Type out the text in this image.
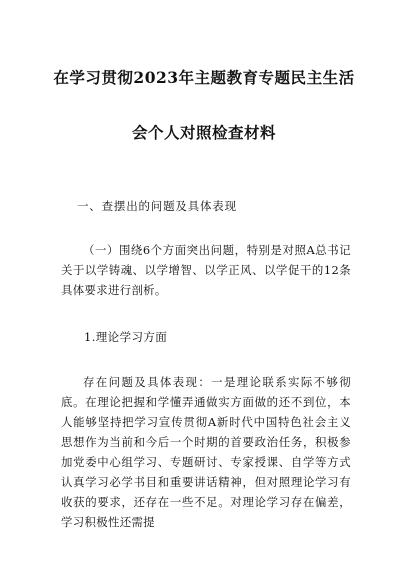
在学习贯彻2023年主题教育专题民主生活
会个人对照检查材料
一、查摆出的问题及具体表现

（一）围绕6个方面突出问题，特别是对照A总书记关于以学铸魂、以学增智、以学正风、以学促干的12条具体要求进行剖析。

1.理论学习方面

存在问题及具体表现：一是理论联系实际不够彻底。在理论把握和学懂弄通做实方面做的还不到位，本人能够坚持把学习宣传贯彻A新时代中国特色社会主义思想作为当前和今后一个时期的首要政治任务，积极参加党委中心组学习、专题研讨、专家授课、自学等方式认真学习必学书目和重要讲话精神，但对照理论学习有收获的要求，还存在一些不足。对理论学习存在偏差，学习积极性还需提
